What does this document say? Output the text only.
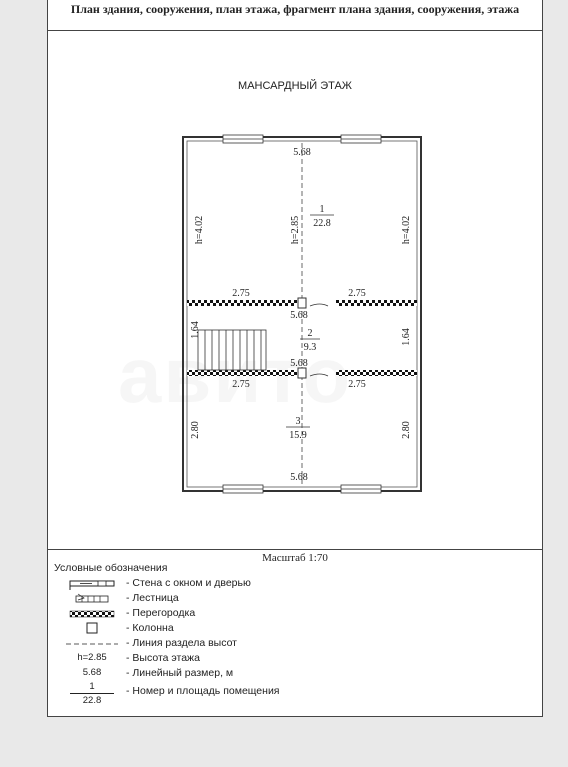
План здания, сооружения, план этажа, фрагмент плана здания, сооружения, этажа
МАНСАРДНЫЙ ЭТАЖ
5.68
1
22.8
h=4.02	h=2.85	h=4.02
2.75	2.75
5.68
2
9.3
1.64	1.64
5.68
2.75	2.75
3
15.9
2.80	2.80
5.68
Масштаб 1:70
Условные обозначения
- Стена с окном и дверью
- Лестница
- Перегородка
- Колонна
- Линия раздела высот
h=2.85	- Высота этажа
5.68	- Линейный размер, м
1
22.8
- Номер и площадь помещения
